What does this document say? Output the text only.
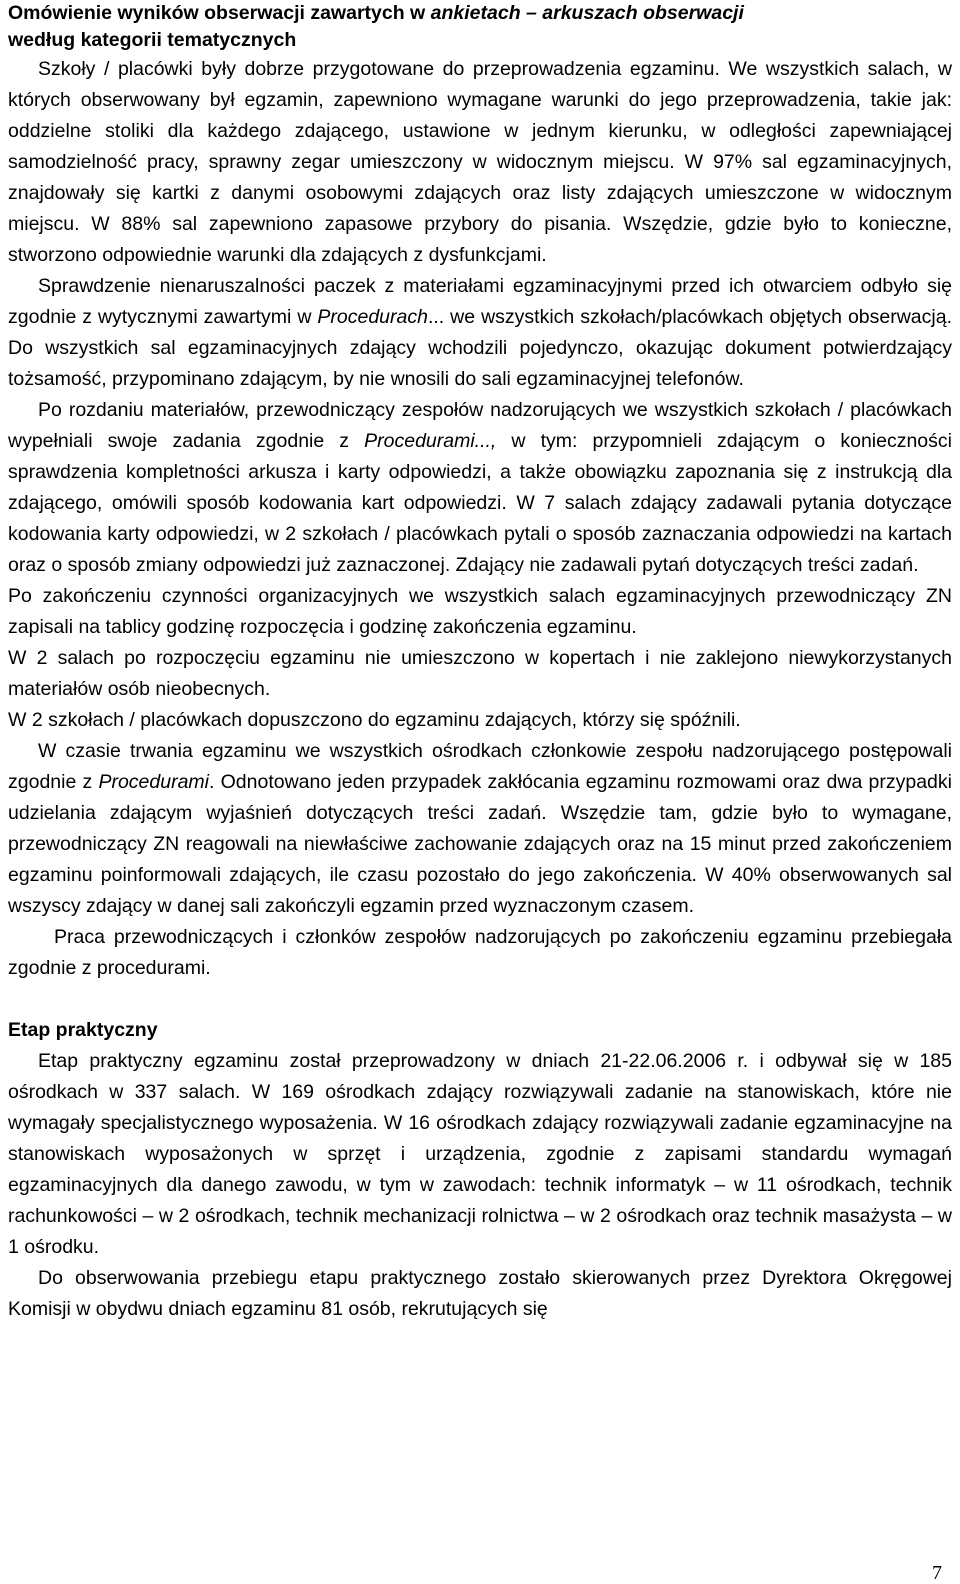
Omówienie wyników obserwacji zawartych w ankietach – arkuszach obserwacji
według kategorii tematycznych

Szkoły / placówki były dobrze przygotowane do przeprowadzenia egzaminu. We wszystkich salach, w których obserwowany był egzamin, zapewniono wymagane warunki do jego przeprowadzenia, takie jak: oddzielne stoliki dla każdego zdającego, ustawione w jednym kierunku, w odległości zapewniającej samodzielność pracy, sprawny zegar umieszczony w widocznym miejscu. W 97% sal egzaminacyjnych, znajdowały się kartki z danymi osobowymi zdających oraz listy zdających umieszczone w widocznym miejscu. W 88% sal zapewniono zapasowe przybory do pisania. Wszędzie, gdzie było to konieczne, stworzono odpowiednie warunki dla zdających z dysfunkcjami.

Sprawdzenie nienaruszalności paczek z materiałami egzaminacyjnymi przed ich otwarciem odbyło się zgodnie z wytycznymi zawartymi w Procedurach... we wszystkich szkołach/placówkach objętych obserwacją. Do wszystkich sal egzaminacyjnych zdający wchodzili pojedynczo, okazując dokument potwierdzający tożsamość, przypominano zdającym, by nie wnosili do sali egzaminacyjnej telefonów.

Po rozdaniu materiałów, przewodniczący zespołów nadzorujących we wszystkich szkołach / placówkach wypełniali swoje zadania zgodnie z Procedurami..., w tym: przypomnieli zdającym o konieczności sprawdzenia kompletności arkusza i karty odpowiedzi, a także obowiązku zapoznania się z instrukcją dla zdającego, omówili sposób kodowania kart odpowiedzi. W 7 salach zdający zadawali pytania dotyczące kodowania karty odpowiedzi, w 2 szkołach / placówkach pytali o sposób zaznaczania odpowiedzi na kartach oraz o sposób zmiany odpowiedzi już zaznaczonej. Zdający nie zadawali pytań dotyczących treści zadań.

Po zakończeniu czynności organizacyjnych we wszystkich salach egzaminacyjnych przewodniczący ZN zapisali na tablicy godzinę rozpoczęcia i godzinę zakończenia egzaminu.

W 2 salach po rozpoczęciu egzaminu nie umieszczono w kopertach i nie zaklejono niewykorzystanych materiałów osób nieobecnych.

W 2 szkołach / placówkach dopuszczono do egzaminu zdających, którzy się spóźnili.

W czasie trwania egzaminu we wszystkich ośrodkach członkowie zespołu nadzorującego postępowali zgodnie z Procedurami. Odnotowano jeden przypadek zakłócania egzaminu rozmowami oraz dwa przypadki udzielania zdającym wyjaśnień dotyczących treści zadań. Wszędzie tam, gdzie było to wymagane, przewodniczący ZN reagowali na niewłaściwe zachowanie zdających oraz na 15 minut przed zakończeniem egzaminu poinformowali zdających, ile czasu pozostało do jego zakończenia. W 40% obserwowanych sal wszyscy zdający w danej sali zakończyli egzamin przed wyznaczonym czasem.

Praca przewodniczących i członków zespołów nadzorujących po zakończeniu egzaminu przebiegała zgodnie z procedurami.

Etap praktyczny

Etap praktyczny egzaminu został przeprowadzony w dniach 21-22.06.2006 r. i odbywał się w 185 ośrodkach w 337 salach. W 169 ośrodkach zdający rozwiązywali zadanie na stanowiskach, które nie wymagały specjalistycznego wyposażenia. W 16 ośrodkach zdający rozwiązywali zadanie egzaminacyjne na stanowiskach wyposażonych w sprzęt i urządzenia, zgodnie z zapisami standardu wymagań egzaminacyjnych dla danego zawodu, w tym w zawodach: technik informatyk – w 11 ośrodkach, technik rachunkowości – w 2 ośrodkach, technik mechanizacji rolnictwa – w 2 ośrodkach oraz technik masażysta – w 1 ośrodku.

Do obserwowania przebiegu etapu praktycznego zostało skierowanych przez Dyrektora Okręgowej Komisji w obydwu dniach egzaminu 81 osób, rekrutujących się

7
